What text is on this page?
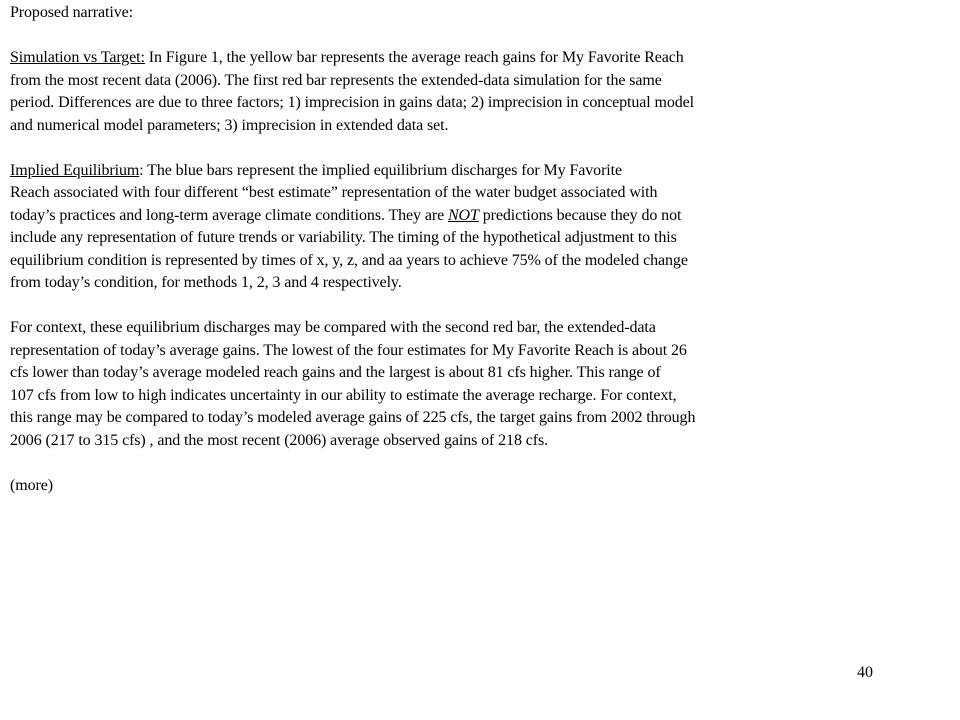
Proposed narrative:

Simulation vs Target: In Figure 1, the yellow bar represents the average reach gains for My Favorite Reach

from the most recent data (2006). The first red bar represents the extended-data simulation for the same

period. Differences are due to three factors; 1) imprecision in gains data; 2) imprecision in conceptual model

and numerical model parameters; 3) imprecision in extended data set.

Implied Equilibrium: The blue bars represent the implied equilibrium discharges for My Favorite

Reach associated with four different “best estimate” representation of the water budget associated with

today’s practices and long-term average climate conditions. They are NOT predictions because they do not

include any representation of future trends or variability. The timing of the hypothetical adjustment to this

equilibrium condition is represented by times of x, y, z, and aa years to achieve 75% of the modeled change

from today’s condition, for methods 1, 2, 3 and 4 respectively.

For context, these equilibrium discharges may be compared with the second red bar, the extended-data

representation of today’s average gains. The lowest of the four estimates for My Favorite Reach is about 26

cfs lower than today’s average modeled reach gains and the largest is about 81 cfs higher. This range of

107 cfs from low to high indicates uncertainty in our ability to estimate the average recharge. For context,

this range may be compared to today’s modeled average gains of 225 cfs, the target gains from 2002 through

2006 (217 to 315 cfs) , and the most recent (2006) average observed gains of 218 cfs.

(more)

40
